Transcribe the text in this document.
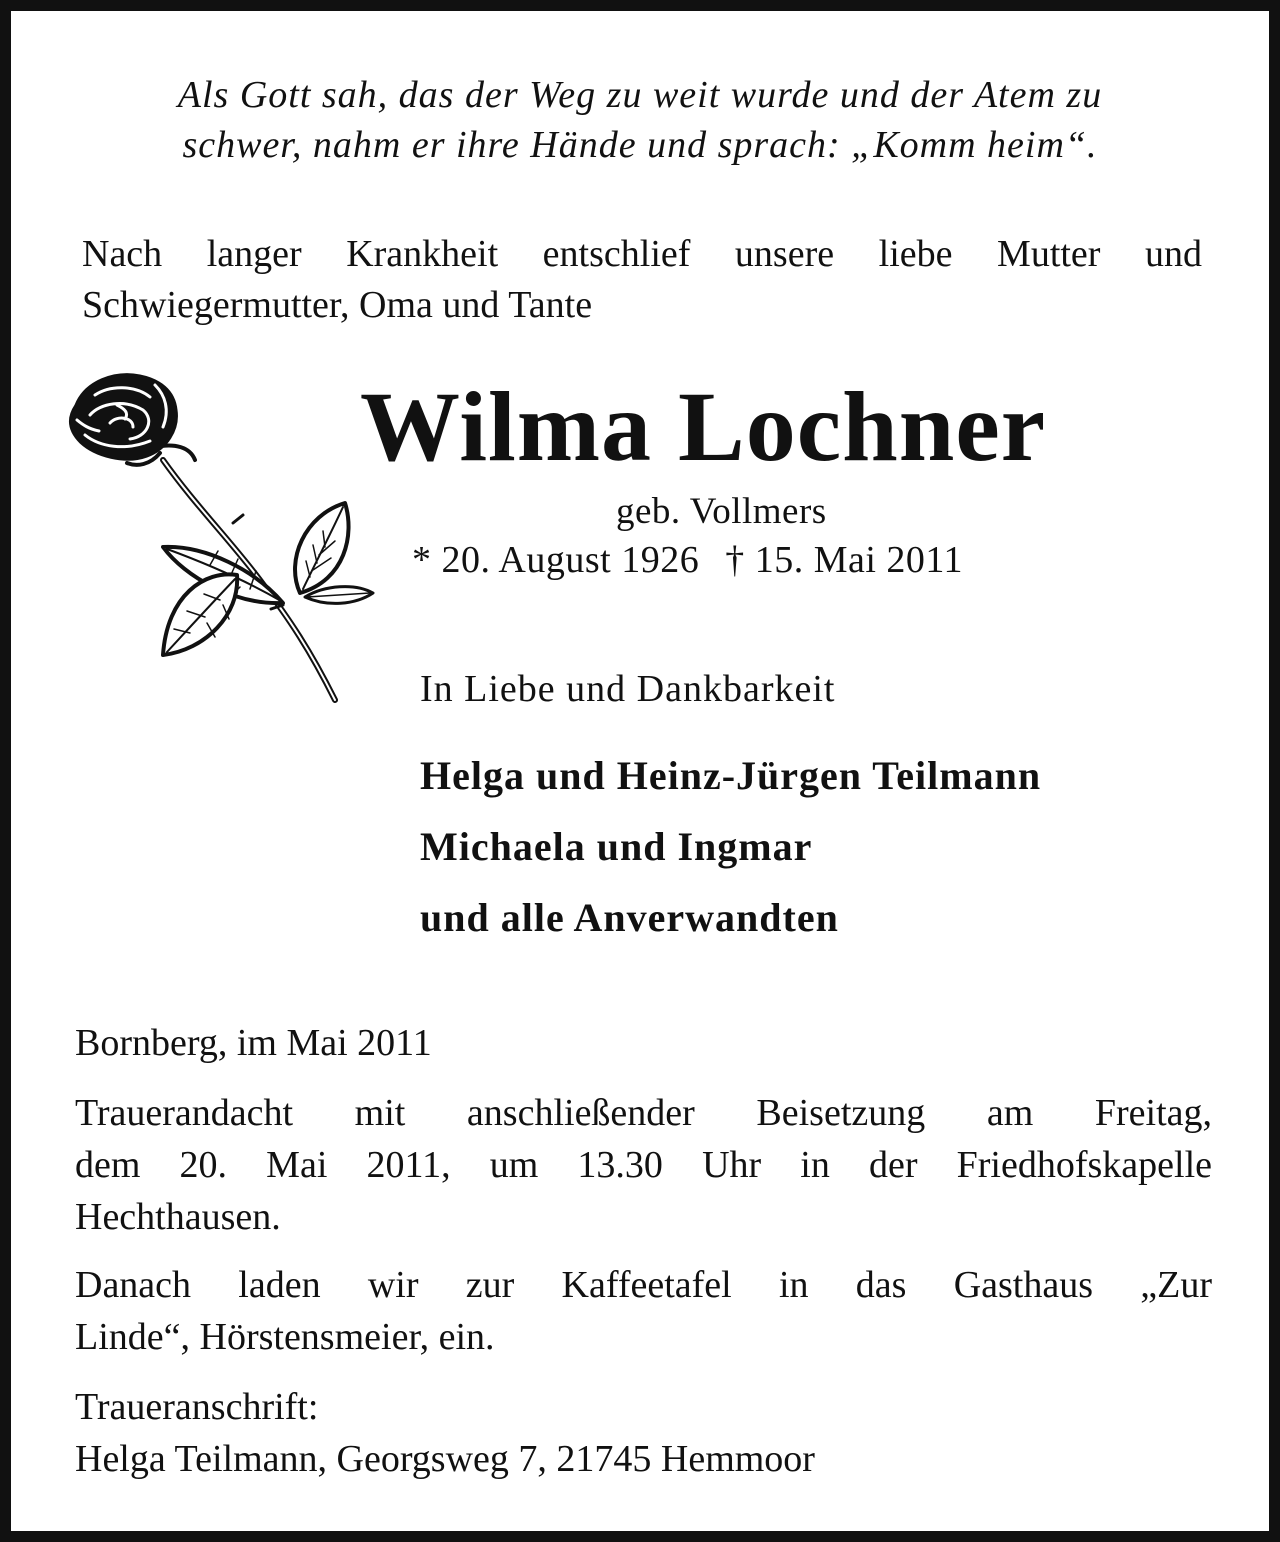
Als Gott sah, das der Weg zu weit wurde und der Atem zu
schwer, nahm er ihre Hände und sprach: „Komm heim“.
Nach langer Krankheit entschlief unsere liebe Mutter und
Schwiegermutter, Oma und Tante
Wilma Lochner
geb. Vollmers
* 20. August 1926 † 15. Mai 2011
In Liebe und Dankbarkeit
Helga und Heinz-Jürgen Teilmann
Michaela und Ingmar
und alle Anverwandten
Bornberg, im Mai 2011
Trauerandacht mit anschließender Beisetzung am Freitag,
dem 20. Mai 2011, um 13.30 Uhr in der Friedhofskapelle
Hechthausen.
Danach laden wir zur Kaffeetafel in das Gasthaus „Zur
Linde“, Hörstensmeier, ein.
Traueranschrift:
Helga Teilmann, Georgsweg 7, 21745 Hemmoor
